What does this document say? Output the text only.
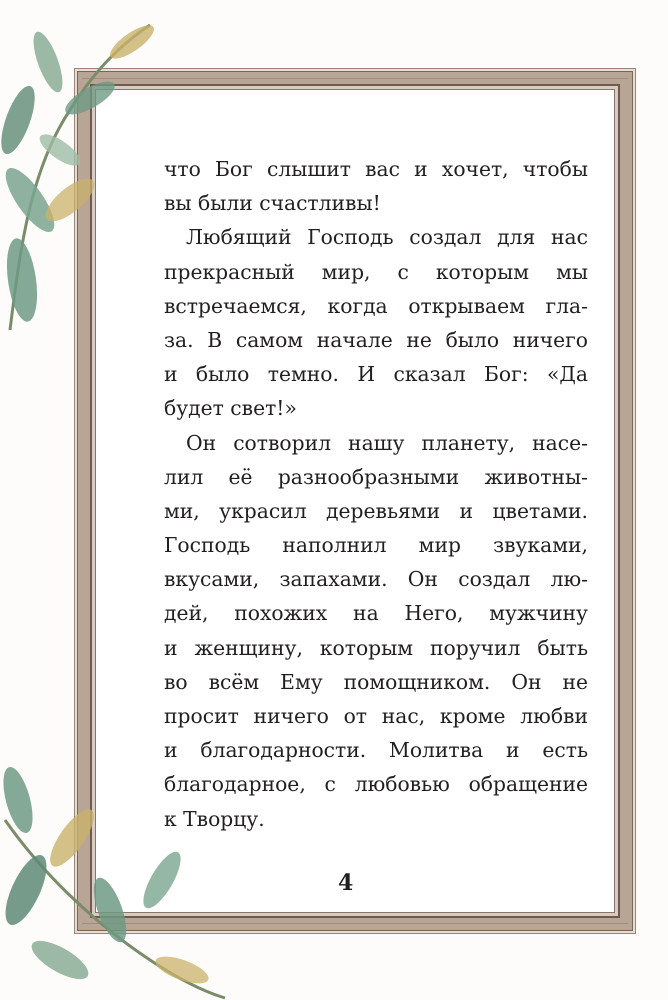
что Бог слышит вас и хочет, чтобы
вы были счастливы!
Любящий Господь создал для нас
прекрасный мир, с которым мы
встречаемся, когда открываем гла-
за. В самом начале не было ничего
и было темно. И сказал Бог: «Да
будет свет!»
Он сотворил нашу планету, насе-
лил её разнообразными животны-
ми, украсил деревьями и цветами.
Господь наполнил мир звуками,
вкусами, запахами. Он создал лю-
дей, похожих на Него, мужчину
и женщину, которым поручил быть
во всём Ему помощником. Он не
просит ничего от нас, кроме любви
и благодарности. Молитва и есть
благодарное, с любовью обращение
к Творцу.
4
